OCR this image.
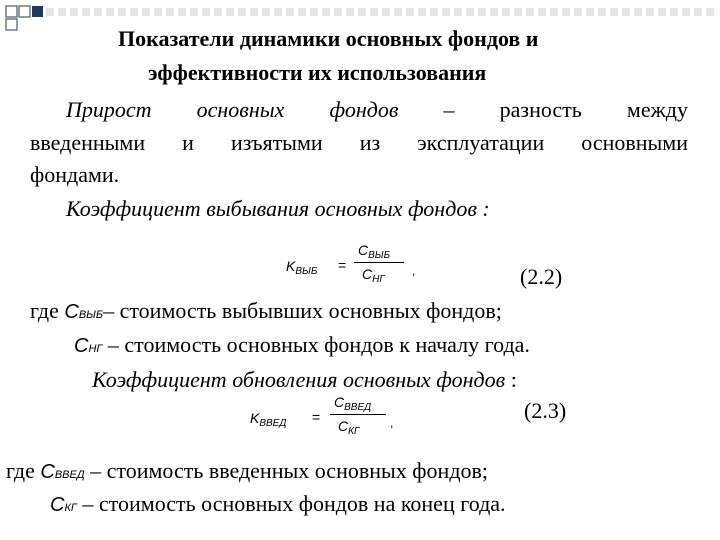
Показатели динамики основных фондов и
эффективности их использования
Прирост основных фондов – разность между
введенными и изъятыми из эксплуатации основными
фондами.
Коэффициент выбывания основных фондов :
$K_{ВЫБ}$ =
$С_{ВЫБ}$
$С_{НГ}$
,	(2.2)
где СВЫБ– стоимость выбывших основных фондов;
СНГ – стоимость основных фондов к началу года.
Коэффициент обновления основных фондов :
$K_{ВВЕД}$ =
$С_{ВВЕД}$
$С_{КГ}$
,	(2.3)
где СВВЕД – стоимость введенных основных фондов;
СКГ – стоимость основных фондов на конец года.
